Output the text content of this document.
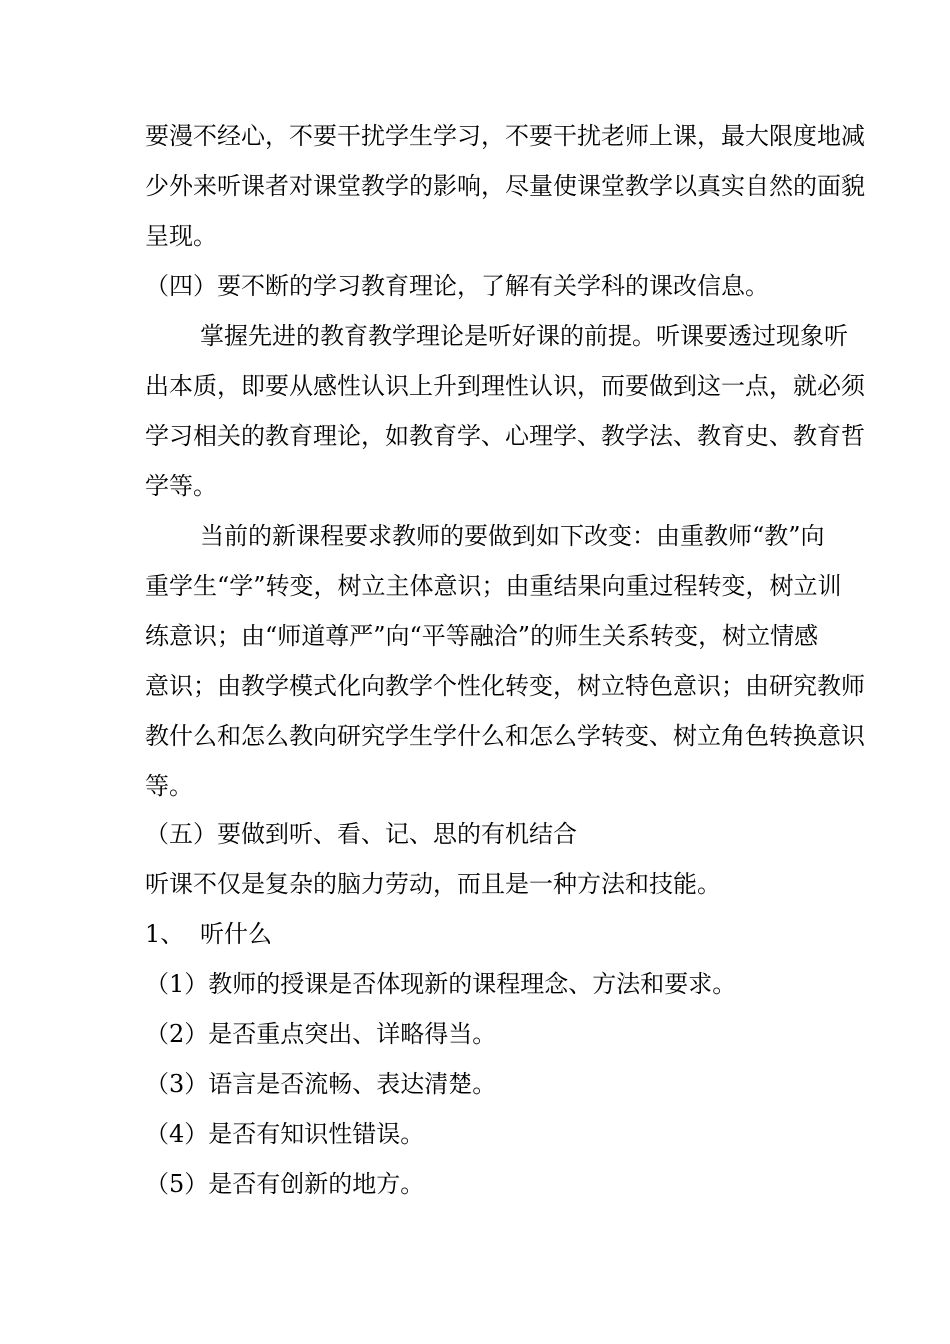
要漫不经心，不要干扰学生学习，不要干扰老师上课，最大限度地减
少外来听课者对课堂教学的影响，尽量使课堂教学以真实自然的面貌
呈现。
（四）要不断的学习教育理论，了解有关学科的课改信息。
掌握先进的教育教学理论是听好课的前提。听课要透过现象听
出本质，即要从感性认识上升到理性认识，而要做到这一点，就必须
学习相关的教育理论，如教育学、心理学、教学法、教育史、教育哲
学等。
当前的新课程要求教师的要做到如下改变：由重教师“教”向
重学生“学”转变，树立主体意识；由重结果向重过程转变，树立训
练意识；由“师道尊严”向“平等融洽”的师生关系转变，树立情感
意识；由教学模式化向教学个性化转变，树立特色意识；由研究教师
教什么和怎么教向研究学生学什么和怎么学转变、树立角色转换意识
等。
（五）要做到听、看、记、思的有机结合
听课不仅是复杂的脑力劳动，而且是一种方法和技能。
1、 听什么
（1）教师的授课是否体现新的课程理念、方法和要求。
（2）是否重点突出、详略得当。
（3）语言是否流畅、表达清楚。
（4）是否有知识性错误。
（5）是否有创新的地方。
